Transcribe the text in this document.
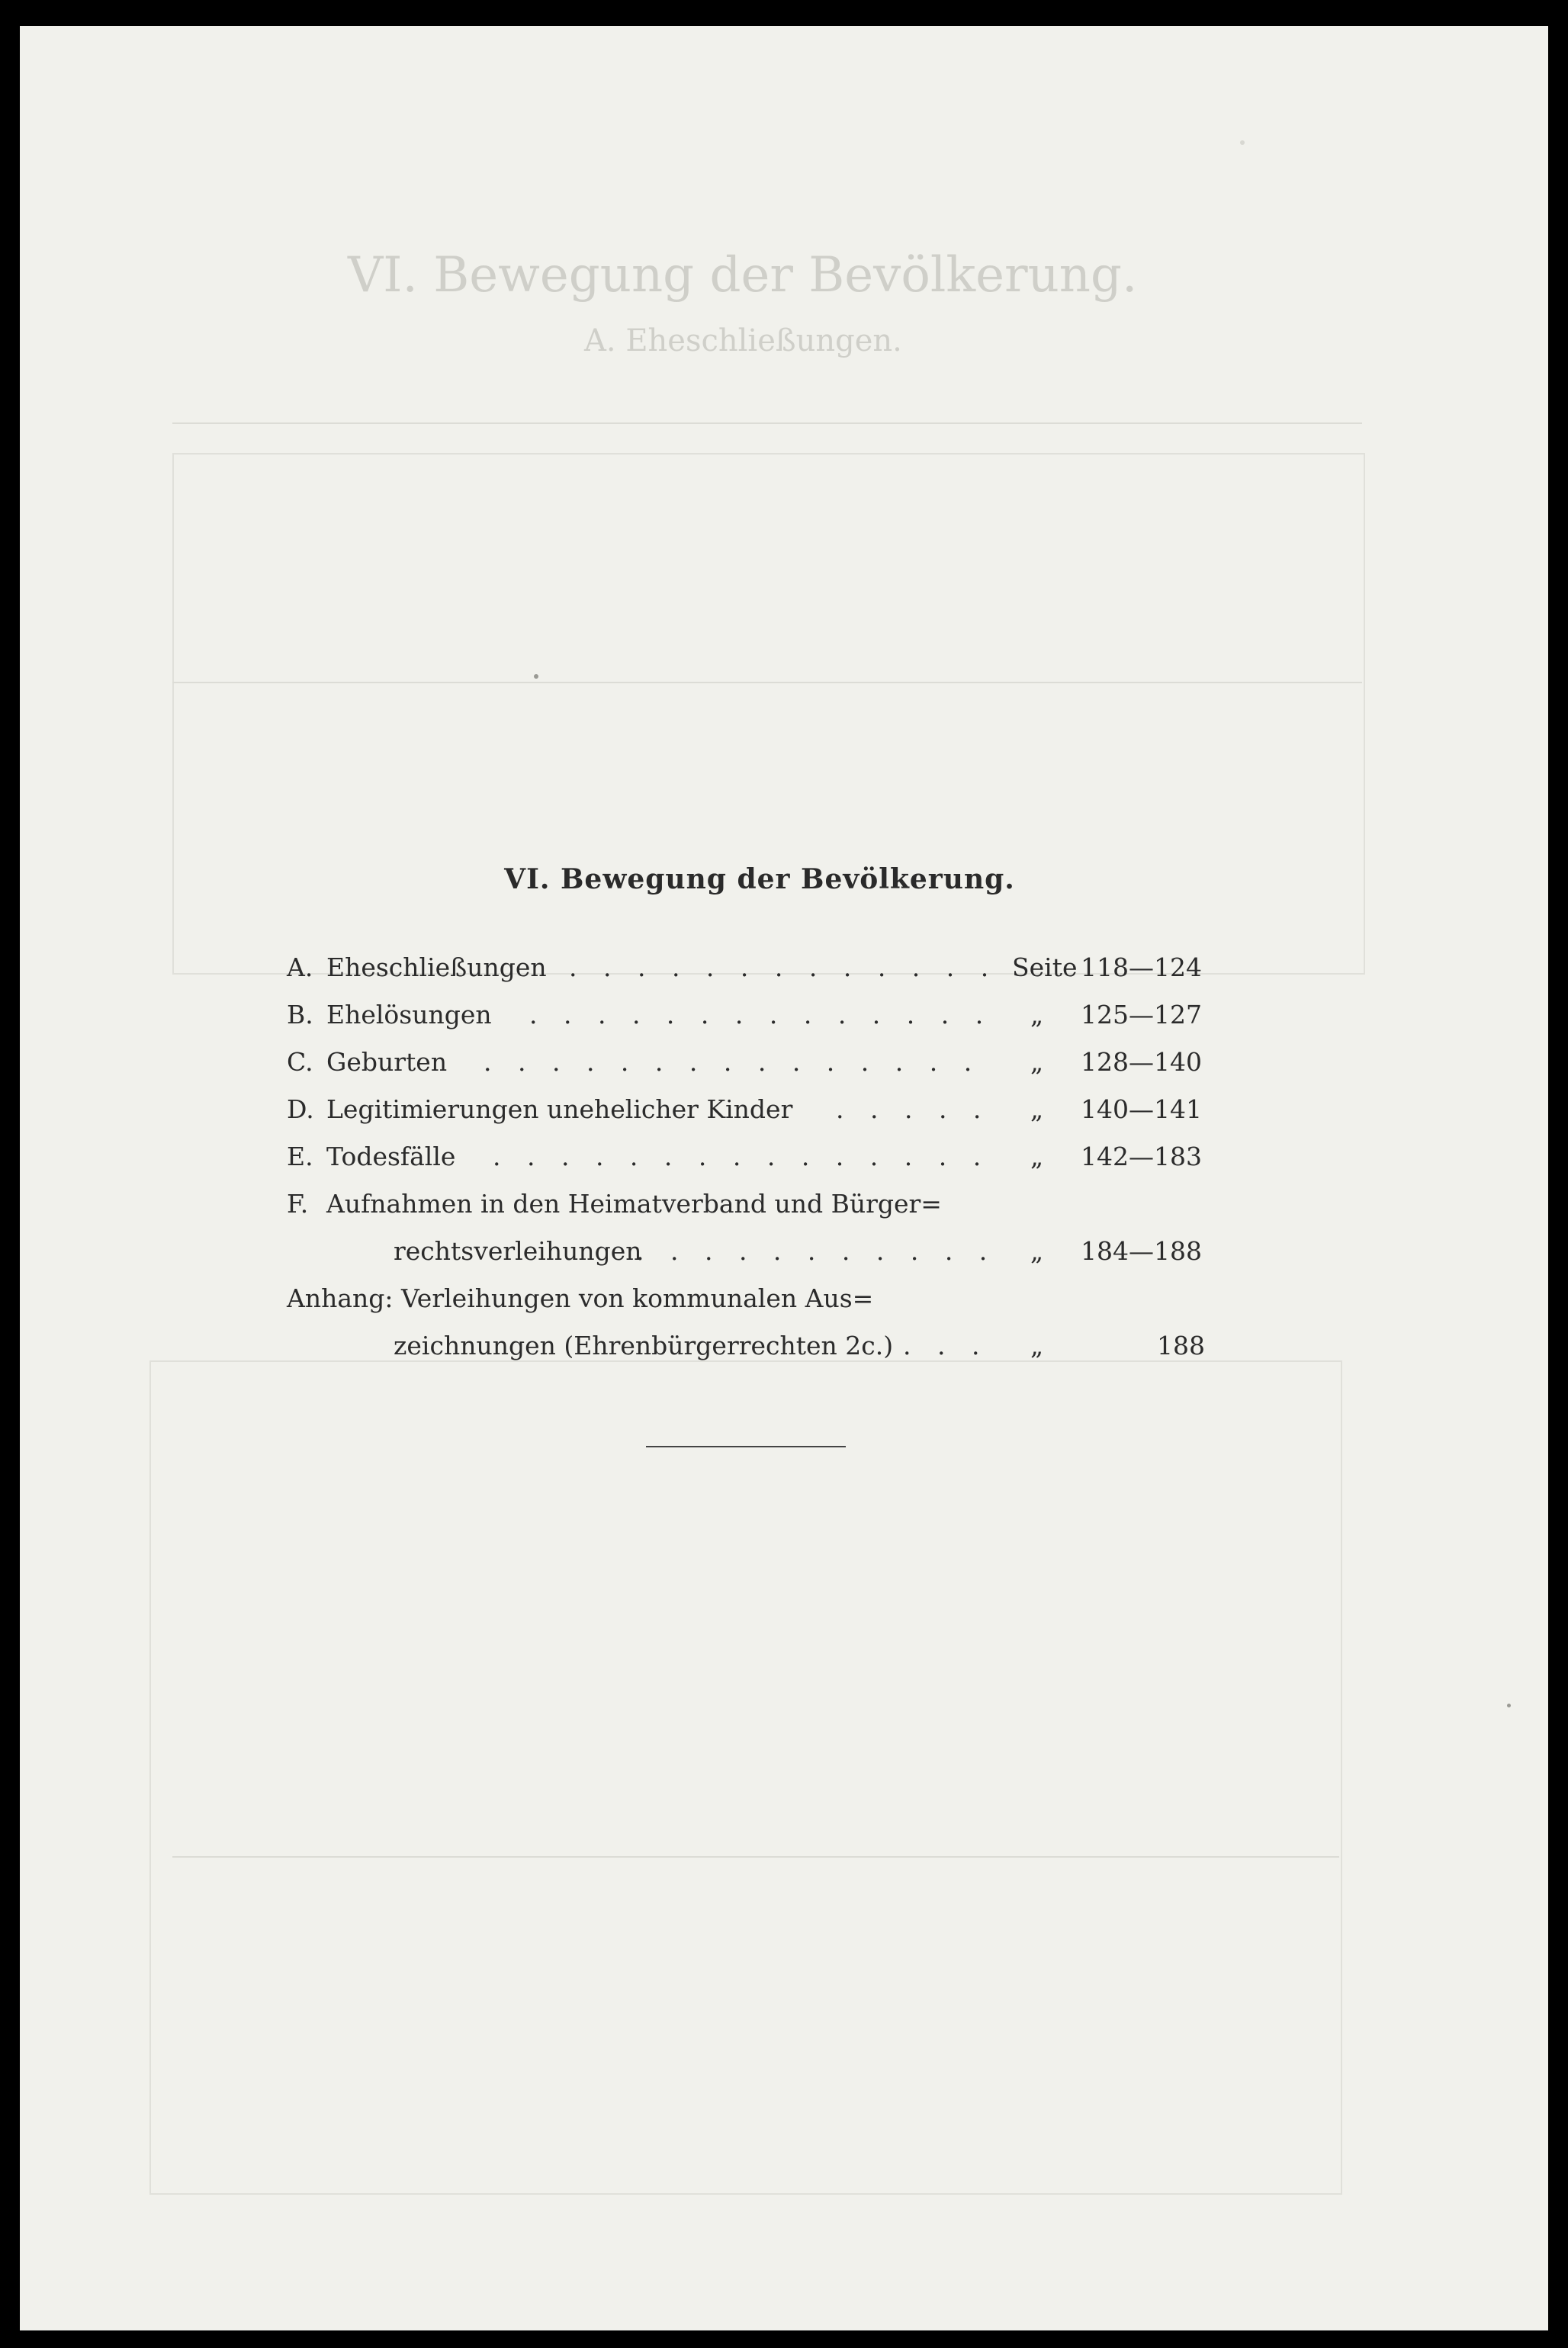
VI. Bewegung der Bevölkerung.
A. Eheschließungen.
VI. Bewegung der Bevölkerung.
A. Eheschließungen . . . . . . . . . . . . . Seite 118—124
B. Ehelösungen . . . . . . . . . . . . . . „ 125—127
C. Geburten . . . . . . . . . . . . . . . „ 128—140
D. Legitimierungen unehelicher Kinder . . . . . „ 140—141
E. Todesfälle . . . . . . . . . . . . . . . „ 142—183
F. Aufnahmen in den Heimatverband und Bürger=
rechtsverleihungen
. . . . . . . . . . . „ 184—188
Anhang: Verleihungen von kommunalen Aus=
zeichnungen (Ehrenbürgerrechten 2c.) . . . „	188
